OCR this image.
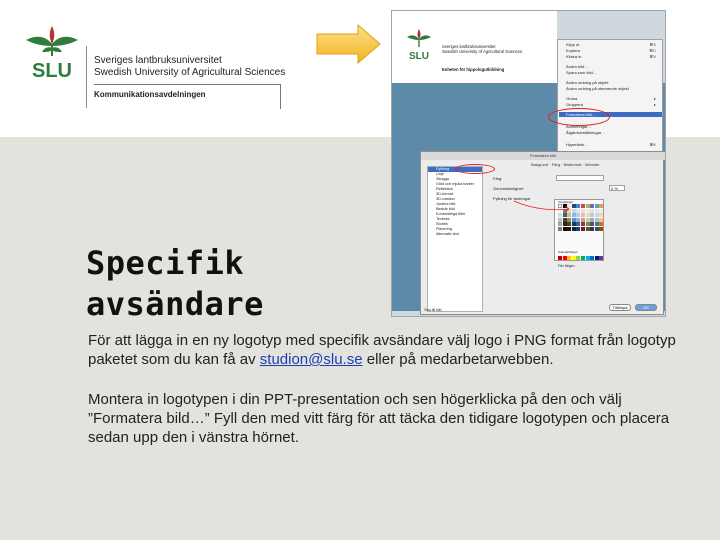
SLU Sveriges lantbruksuniversitet
Swedish University of Agricultural Sciences
Kommunikationsavdelningen
SLU
Sveriges lantbruksuniversitet
Swedish University of Agricultural Sciences
Enheten för hippologutbildning
Klipp ut	⌘X
Kopiera	⌘C
Klistra in	⌘V
Ändra bild…
Spara som bild…
Ändra ordning på objekt
Ändra ordning på oberoende objekt
Ordna	▸
Gruppera	▸
Formatera bild…
Animeringar…
Åtgärdsinställningar…
Hyperlänk…	⌘K
Formatera bild
Bakgrund · Färg · Bildformat · Mönster
Fyllning
Linje
Skugga
Glöd och mjuka kanter
Reflektion
3D-format
3D-rotation
Justera bild
Beskär bild
Konstnärliga filter
Textruta
Storlek
Placering
Alternativ text
Färg:
Genomskinlighet:	0 %
Fyllning för ändringar
Temafärger
Standardfärger
Fler färger…
Visa till bild	Tillämpa	OK
Specifik
avsändare
För att lägga in en ny logotyp med specifik avsändare välj logo i PNG format från logotyp paketet som du kan få av studion@slu.se eller på medarbetarwebben.
Montera in logotypen i din PPT-presentation och sen högerklicka på den och välj ”Formatera bild…” Fyll den med vitt färg för att täcka den tidigare logotypen och placera sedan upp den i vänstra hörnet.
